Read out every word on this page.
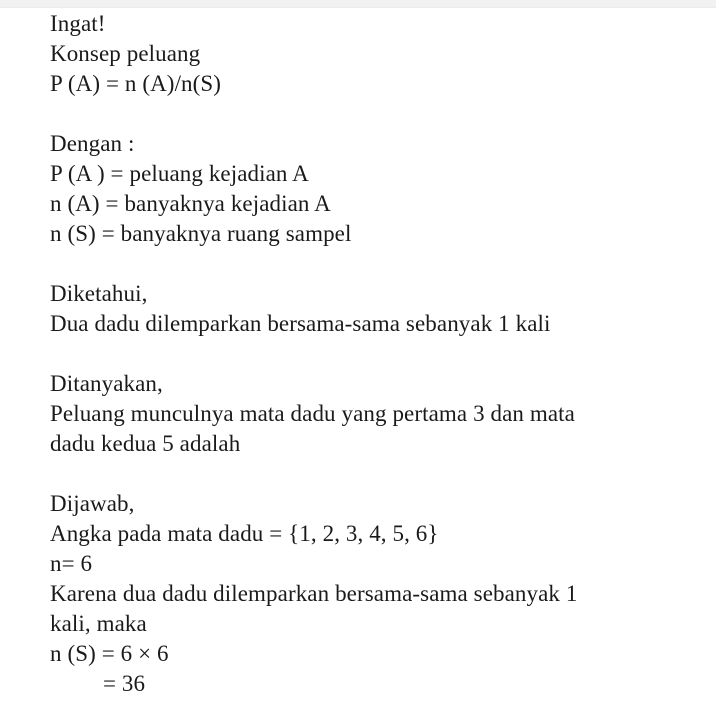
Ingat!
Konsep peluang
P (A) = n (A)/n(S)
Dengan :
P (A ) = peluang kejadian A
n (A) = banyaknya kejadian A
n (S) = banyaknya ruang sampel
Diketahui,
Dua dadu dilemparkan bersama-sama sebanyak 1 kali
Ditanyakan,
Peluang munculnya mata dadu yang pertama 3 dan mata
dadu kedua 5 adalah
Dijawab,
Angka pada mata dadu = {1, 2, 3, 4, 5, 6}
n= 6
Karena dua dadu dilemparkan bersama-sama sebanyak 1
kali, maka
n (S) = 6 × 6
= 36
